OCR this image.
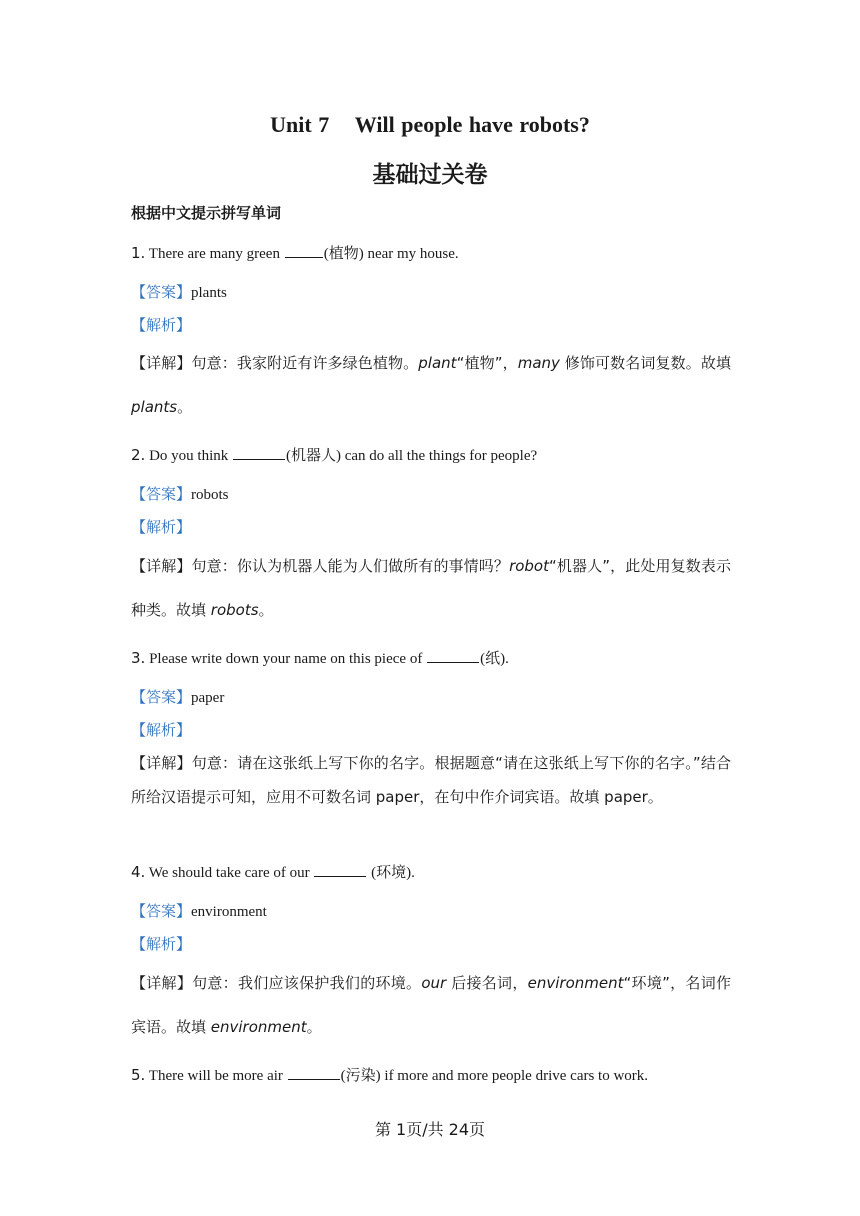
Unit 7    Will people have robots?
基础过关卷
根据中文提示拼写单词
1. There are many green	(植物) near my house.
【答案】plants
【解析】
【详解】句意：我家附近有许多绿色植物。plant“植物”，many 修饰可数名词复数。故填 plants。
2. Do you think	(机器人) can do all the things for people?
【答案】robots
【解析】
【详解】句意：你认为机器人能为人们做所有的事情吗？robot“机器人”，此处用复数表示种类。故填 robots。
3. Please write down your name on this piece of	(纸).
【答案】paper
【解析】
【详解】句意：请在这张纸上写下你的名字。根据题意“请在这张纸上写下你的名字。”结合所给汉语提示可知，应用不可数名词 paper，在句中作介词宾语。故填 paper。
4. We should take care of our	(环境).
【答案】environment
【解析】
【详解】句意：我们应该保护我们的环境。our 后接名词，environment“环境”，名词作宾语。故填 environment。
5. There will be more air	(污染) if more and more people drive cars to work.
第 1页/共 24页
